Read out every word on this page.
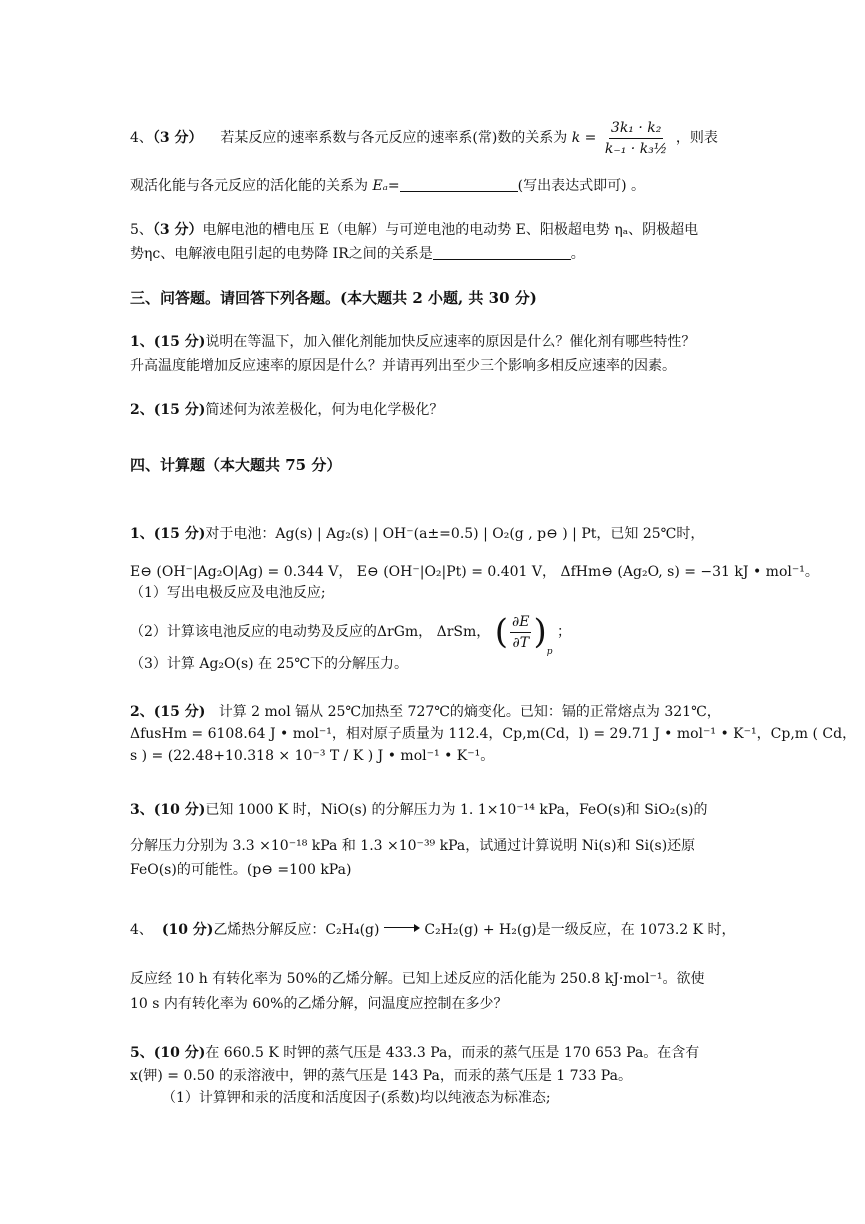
4、（3 分） 若某反应的速率系数与各元反应的速率系(常)数的关系为 $k = \frac{\text{3k₁ · k₂}}{\text{k₋₁ · k₃½}}$ ，则表
观活化能与各元反应的活化能的关系为 Eₐ=	(写出表达式即可) 。
5、（3 分）电解电池的槽电压 E（电解）与可逆电池的电动势 E、阳极超电势 ηₐ、阴极超电
势ηc、电解液电阻引起的电势降 IR之间的关系是	。
三、问答题。请回答下列各题。(本大题共 2 小题, 共 30 分)
1、(15 分)说明在等温下，加入催化剂能加快反应速率的原因是什么？催化剂有哪些特性？
升高温度能增加反应速率的原因是什么？并请再列出至少三个影响多相反应速率的因素。
2、(15 分)简述何为浓差极化，何为电化学极化？
四、计算题（本大题共 75 分）
1、(15 分)对于电池：Ag(s) | Ag₂(s) | OH⁻(a±=0.5) | O₂(g , p⊖ ) | Pt，已知 25℃时，
E⊖ (OH⁻|Ag₂O|Ag) = 0.344 V， E⊖ (OH⁻|O₂|Pt) = 0.401 V， ΔfHm⊖ (Ag₂O, s) = −31 kJ • mol⁻¹。
（1）写出电极反应及电池反应;
（2）计算该电池反应的电动势及反应的ΔrGm， ΔrSm， ( $\frac{\partial E}{\partial T}$ ) p
；
（3）计算 Ag₂O(s) 在 25℃下的分解压力。
2、(15 分) 计算 2 mol 镉从 25℃加热至 727℃的熵变化。已知：镉的正常熔点为 321℃，
ΔfusHm = 6108.64 J • mol⁻¹，相对原子质量为 112.4，Cp,m(Cd，l) = 29.71 J • mol⁻¹ • K⁻¹，Cp,m ( Cd，
s ) = (22.48+10.318 × 10⁻³ T / K ) J • mol⁻¹ • K⁻¹。
3、(10 分)已知 1000 K 时，NiO(s) 的分解压力为 1. 1×10⁻¹⁴ kPa，FeO(s)和 SiO₂(s)的
分解压力分别为 3.3 ×10⁻¹⁸ kPa 和 1.3 ×10⁻³⁹ kPa，试通过计算说明 Ni(s)和 Si(s)还原
FeO(s)的可能性。(p⊖ =100 kPa)
4、 (10 分)乙烯热分解反应：C₂H₄(g)	C₂H₂(g) + H₂(g)是一级反应，在 1073.2 K 时，
反应经 10 h 有转化率为 50%的乙烯分解。已知上述反应的活化能为 250.8 kJ·mol⁻¹。欲使
10 s 内有转化率为 60%的乙烯分解，问温度应控制在多少？
5、(10 分)在 660.5 K 时钾的蒸气压是 433.3 Pa，而汞的蒸气压是 170 653 Pa。在含有
x(钾) = 0.50 的汞溶液中，钾的蒸气压是 143 Pa，而汞的蒸气压是 1 733 Pa。
（1）计算钾和汞的活度和活度因子(系数)均以纯液态为标准态;
